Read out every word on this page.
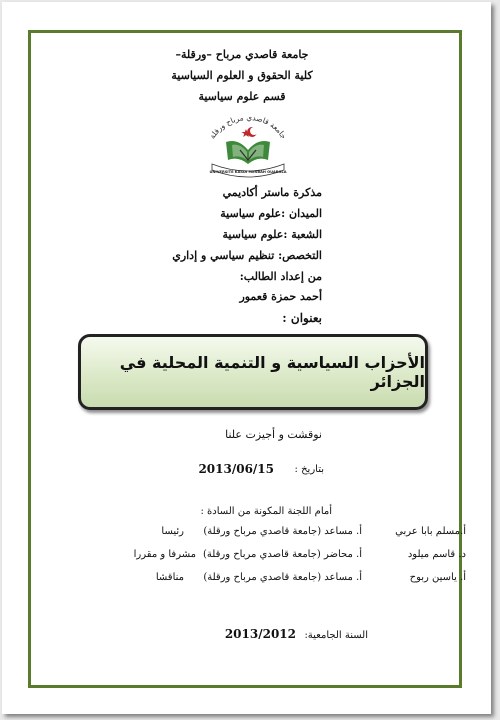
جامعة قاصدي مرباح –ورقلة–
كلية الحقوق و العلوم السياسية
قسم علوم سياسية
جامعة قاصدي مرباح ورقلة
UNIVERSITE KASDI MERBAH OUARGLA
مذكرة ماستر أكاديمي
الميدان :علوم سياسية
الشعبة :علوم سياسية
التخصص: تنظيم سياسي و إداري
من إعداد الطالب:
أحمد حمزة قعمور
بعنوان :
الأحزاب السياسية و التنمية المحلية في الجزائر
نوقشت و أجيزت علنا
بتاريخ :
2013/06/15
أمام اللجنة المكونة من السادة :
أ.مسلم بابا عربي
أ. مساعد (جامعة قاصدي مرباح ورقلة)
رئيسا
د. قاسم ميلود
أ. محاضر (جامعة قاصدي مرباح ورقلة)
مشرفا و مقررا
أ. ياسين ربوح
أ. مساعد (جامعة قاصدي مرباح ورقلة)
مناقشا
السنة الجامعية:
2013/2012
